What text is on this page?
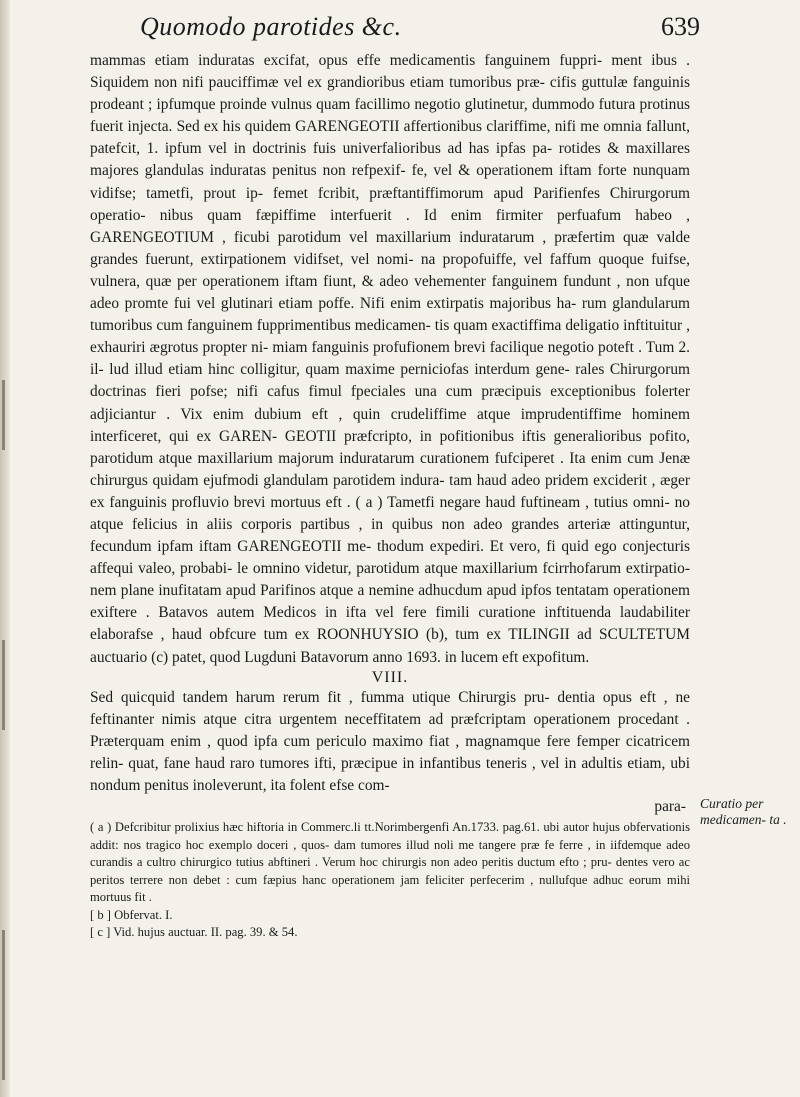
Quomodo parotides &c.	639

mammas etiam induratas excifat, opus effe medicamentis fanguinem fuppri- ment ibus . Siquidem non nifi pauciffimæ vel ex grandioribus etiam tumoribus præ- cifis guttulæ fanguinis prodeant ; ipfumque proinde vulnus quam facillimo negotio glutinetur, dummodo futura protinus fuerit injecta. Sed ex his quidem GARENGEOTII affertionibus clariffime, nifi me omnia fallunt, patefcit, 1. ipfum vel in doctrinis fuis univerfalioribus ad has ipfas pa- rotides & maxillares majores glandulas induratas penitus non refpexif- fe, vel & operationem iftam forte nunquam vidifse; tametfi, prout ip- femet fcribit, præftantiffimorum apud Parifienfes Chirurgorum operatio- nibus quam fæpiffime interfuerit . Id enim firmiter perfuafum habeo , GARENGEOTIUM , ficubi parotidum vel maxillarium induratarum , præfertim quæ valde grandes fuerunt, extirpationem vidifset, vel nomi- na propofuiffe, vel faffum quoque fuifse, vulnera, quæ per operationem iftam fiunt, & adeo vehementer fanguinem fundunt , non ufque adeo promte fui vel glutinari etiam poffe. Nifi enim extirpatis majoribus ha- rum glandularum tumoribus cum fanguinem fupprimentibus medicamen- tis quam exactiffima deligatio inftituitur , exhauriri ægrotus propter ni- miam fanguinis profufionem brevi facilique negotio poteft . Tum 2. il- lud illud etiam hinc colligitur, quam maxime perniciofas interdum gene- rales Chirurgorum doctrinas fieri pofse; nifi cafus fimul fpeciales una cum præcipuis exceptionibus folerter adjiciantur . Vix enim dubium eft , quin crudeliffime atque imprudentiffime hominem interficeret, qui ex GAREN- GEOTII præfcripto, in pofitionibus iftis generalioribus pofito, parotidum atque maxillarium majorum induratarum curationem fufciperet . Ita enim cum Jenæ chirurgus quidam ejufmodi glandulam parotidem indura- tam haud adeo pridem exciderit , æger ex fanguinis profluvio brevi mortuus eft . ( a ) Tametfi negare haud fuftineam , tutius omni- no atque felicius in aliis corporis partibus , in quibus non adeo grandes arteriæ attinguntur, fecundum ipfam iftam GARENGEOTII me- thodum expediri. Et vero, fi quid ego conjecturis affequi valeo, probabi- le omnino videtur, parotidum atque maxillarium fcirrhofarum extirpatio- nem plane inufitatam apud Parifinos atque a nemine adhucdum apud ipfos tentatam operationem exiftere . Batavos autem Medicos in ifta vel fere fimili curatione inftituenda laudabiliter elaborafse , haud obfcure tum ex ROONHUYSIO (b), tum ex TILINGII ad SCULTETUM auctuario (c) patet, quod Lugduni Batavorum anno 1693. in lucem eft expofitum.

VIII.

Sed quicquid tandem harum rerum fit , fumma utique Chirurgis pru- dentia opus eft , ne feftinanter nimis atque citra urgentem neceffitatem ad præfcriptam operationem procedant . Præterquam enim , quod ipfa cum periculo maximo fiat , magnamque fere femper cicatricem relin- quat, fane haud raro tumores ifti, præcipue in infantibus teneris , vel in adultis etiam, ubi nondum penitus inoleverunt, ita folent efse com-

para-

( a ) Defcribitur prolixius hæc hiftoria in Commerc.li tt.Norimbergenfi An.1733. pag.61. ubi autor hujus obfervationis addit: nos tragico hoc exemplo doceri , quos- dam tumores illud noli me tangere præ fe ferre , in iifdemque adeo curandis a cultro chirurgico tutius abftineri . Verum hoc chirurgis non adeo peritis ductum efto ; pru- dentes vero ac peritos terrere non debet : cum fæpius hanc operationem jam feliciter perfecerim , nullufque adhuc eorum mihi mortuus fit .

[ b ] Obfervat. I.

[ c ] Vid. hujus auctuar. II. pag. 39. & 54.

Curatio per medicamen- ta .
